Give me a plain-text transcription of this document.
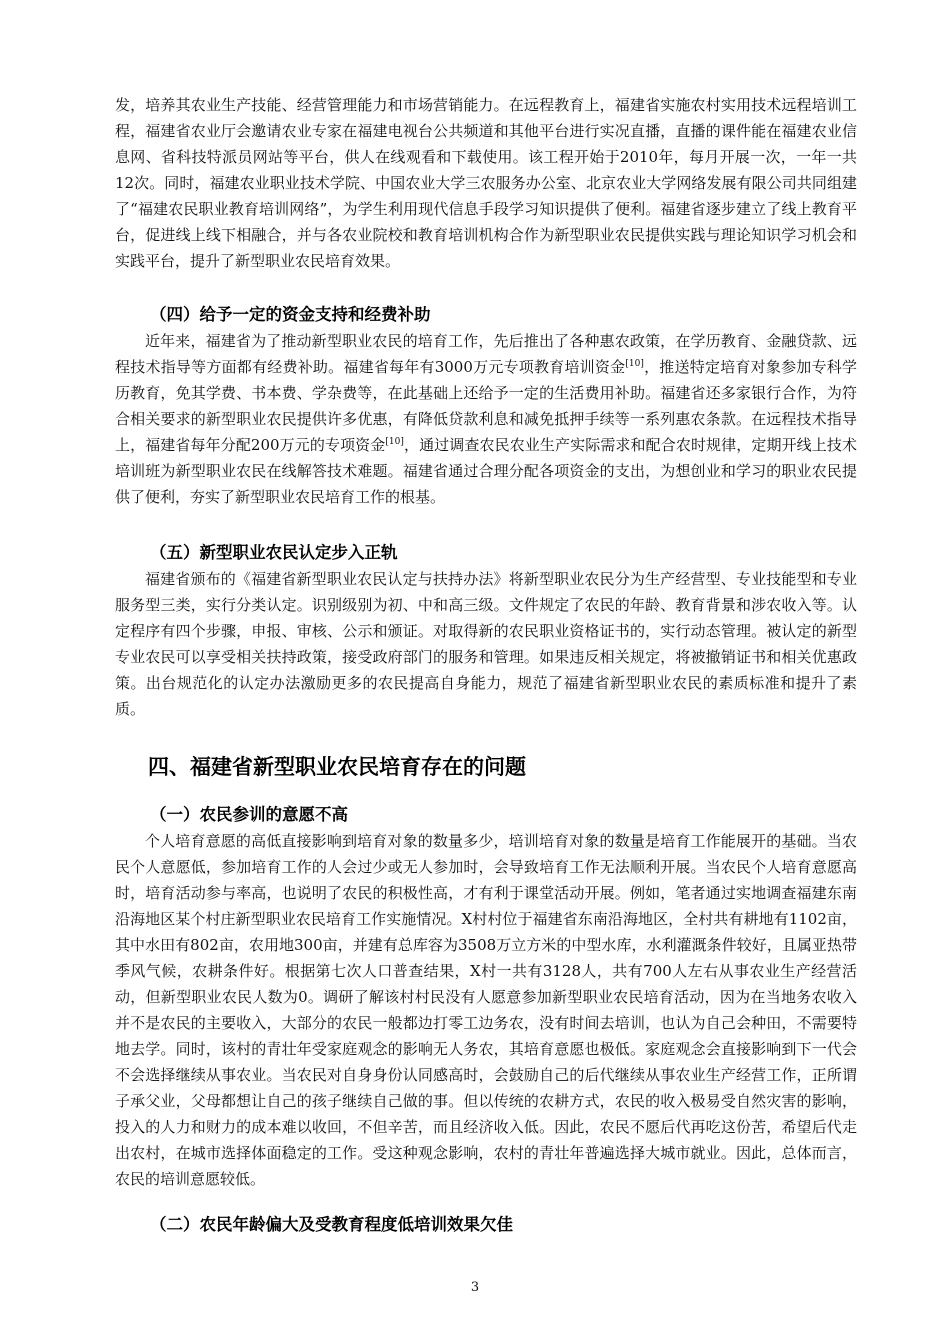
发，培养其农业生产技能、经营管理能力和市场营销能力。在远程教育上，福建省实施农村实用技术远程培训工程，福建省农业厅会邀请农业专家在福建电视台公共频道和其他平台进行实况直播，直播的课件能在福建农业信息网、省科技特派员网站等平台，供人在线观看和下载使用。该工程开始于2010年，每月开展一次，一年一共12次。同时，福建农业职业技术学院、中国农业大学三农服务办公室、北京农业大学网络发展有限公司共同组建了“福建农民职业教育培训网络”，为学生利用现代信息手段学习知识提供了便利。福建省逐步建立了线上教育平台，促进线上线下相融合，并与各农业院校和教育培训机构合作为新型职业农民提供实践与理论知识学习机会和实践平台，提升了新型职业农民培育效果。

（四）给予一定的资金支持和经费补助

近年来，福建省为了推动新型职业农民的培育工作，先后推出了各种惠农政策，在学历教育、金融贷款、远程技术指导等方面都有经费补助。福建省每年有3000万元专项教育培训资金[10]，推送特定培育对象参加专科学历教育，免其学费、书本费、学杂费等，在此基础上还给予一定的生活费用补助。福建省还多家银行合作，为符合相关要求的新型职业农民提供许多优惠，有降低贷款利息和减免抵押手续等一系列惠农条款。在远程技术指导上，福建省每年分配200万元的专项资金[10]，通过调查农民农业生产实际需求和配合农时规律，定期开线上技术培训班为新型职业农民在线解答技术难题。福建省通过合理分配各项资金的支出，为想创业和学习的职业农民提供了便利，夯实了新型职业农民培育工作的根基。

（五）新型职业农民认定步入正轨

福建省颁布的《福建省新型职业农民认定与扶持办法》将新型职业农民分为生产经营型、专业技能型和专业服务型三类，实行分类认定。识别级别为初、中和高三级。文件规定了农民的年龄、教育背景和涉农收入等。认定程序有四个步骤，申报、审核、公示和颁证。对取得新的农民职业资格证书的，实行动态管理。被认定的新型专业农民可以享受相关扶持政策，接受政府部门的服务和管理。如果违反相关规定，将被撤销证书和相关优惠政策。出台规范化的认定办法激励更多的农民提高自身能力，规范了福建省新型职业农民的素质标准和提升了素质。

四、福建省新型职业农民培育存在的问题
（一）农民参训的意愿不高

个人培育意愿的高低直接影响到培育对象的数量多少，培训培育对象的数量是培育工作能展开的基础。当农民个人意愿低，参加培育工作的人会过少或无人参加时，会导致培育工作无法顺利开展。当农民个人培育意愿高时，培育活动参与率高，也说明了农民的积极性高，才有利于课堂活动开展。例如，笔者通过实地调查福建东南沿海地区某个村庄新型职业农民培育工作实施情况。X村村位于福建省东南沿海地区，全村共有耕地有1102亩，其中水田有802亩，农用地300亩，并建有总库容为3508万立方米的中型水库，水利灌溉条件较好，且属亚热带季风气候，农耕条件好。根据第七次人口普查结果，X村一共有3128人，共有700人左右从事农业生产经营活动，但新型职业农民人数为0。调研了解该村村民没有人愿意参加新型职业农民培育活动，因为在当地务农收入并不是农民的主要收入，大部分的农民一般都边打零工边务农，没有时间去培训，也认为自己会种田，不需要特地去学。同时，该村的青壮年受家庭观念的影响无人务农，其培育意愿也极低。家庭观念会直接影响到下一代会不会选择继续从事农业。当农民对自身身份认同感高时，会鼓励自己的后代继续从事农业生产经营工作，正所谓子承父业，父母都想让自己的孩子继续自己做的事。但以传统的农耕方式，农民的收入极易受自然灾害的影响，投入的人力和财力的成本难以收回，不但辛苦，而且经济收入低。因此，农民不愿后代再吃这份苦，希望后代走出农村，在城市选择体面稳定的工作。受这种观念影响，农村的青壮年普遍选择大城市就业。因此，总体而言，农民的培训意愿较低。

（二）农民年龄偏大及受教育程度低培训效果欠佳
3
